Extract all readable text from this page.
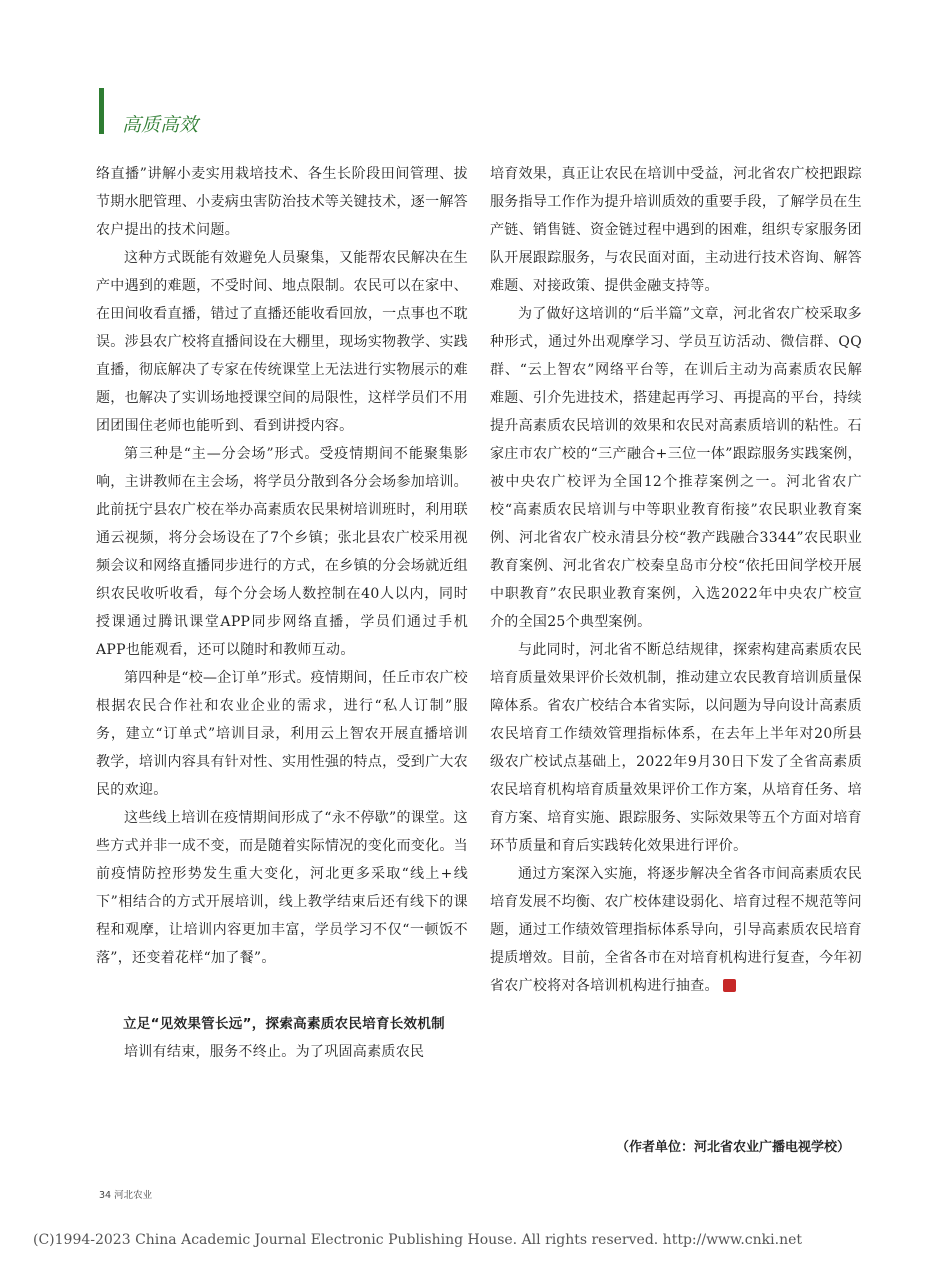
高质高效

络直播”讲解小麦实用栽培技术、各生长阶段田间管理、拔节期水肥管理、小麦病虫害防治技术等关键技术，逐一解答农户提出的技术问题。

这种方式既能有效避免人员聚集，又能帮农民解决在生产中遇到的难题，不受时间、地点限制。农民可以在家中、在田间收看直播，错过了直播还能收看回放，一点事也不耽误。涉县农广校将直播间设在大棚里，现场实物教学、实践直播，彻底解决了专家在传统课堂上无法进行实物展示的难题，也解决了实训场地授课空间的局限性，这样学员们不用团团围住老师也能听到、看到讲授内容。

第三种是“主—分会场”形式。受疫情期间不能聚集影响，主讲教师在主会场，将学员分散到各分会场参加培训。此前抚宁县农广校在举办高素质农民果树培训班时，利用联通云视频，将分会场设在了7个乡镇；张北县农广校采用视频会议和网络直播同步进行的方式，在乡镇的分会场就近组织农民收听收看，每个分会场人数控制在40人以内，同时授课通过腾讯课堂APP同步网络直播，学员们通过手机APP也能观看，还可以随时和教师互动。

第四种是“校—企订单”形式。疫情期间，任丘市农广校根据农民合作社和农业企业的需求，进行“私人订制”服务，建立“订单式”培训目录，利用云上智农开展直播培训教学，培训内容具有针对性、实用性强的特点，受到广大农民的欢迎。

这些线上培训在疫情期间形成了“永不停歇”的课堂。这些方式并非一成不变，而是随着实际情况的变化而变化。当前疫情防控形势发生重大变化，河北更多采取“线上+线下”相结合的方式开展培训，线上教学结束后还有线下的课程和观摩，让培训内容更加丰富，学员学习不仅“一顿饭不落”，还变着花样“加了餐”。

立足“见效果管长远”，探索高素质农民培育长效机制

培训有结束，服务不终止。为了巩固高素质农民

培育效果，真正让农民在培训中受益，河北省农广校把跟踪服务指导工作作为提升培训质效的重要手段，了解学员在生产链、销售链、资金链过程中遇到的困难，组织专家服务团队开展跟踪服务，与农民面对面，主动进行技术咨询、解答难题、对接政策、提供金融支持等。

为了做好这培训的“后半篇”文章，河北省农广校采取多种形式，通过外出观摩学习、学员互访活动、微信群、QQ群、“云上智农”网络平台等，在训后主动为高素质农民解难题、引介先进技术，搭建起再学习、再提高的平台，持续提升高素质农民培训的效果和农民对高素质培训的粘性。石家庄市农广校的“三产融合+三位一体”跟踪服务实践案例，被中央农广校评为全国12个推荐案例之一。河北省农广校“高素质农民培训与中等职业教育衔接”农民职业教育案例、河北省农广校永清县分校“教产践融合3344”农民职业教育案例、河北省农广校秦皇岛市分校“依托田间学校开展中职教育”农民职业教育案例，入选2022年中央农广校宣介的全国25个典型案例。

与此同时，河北省不断总结规律，探索构建高素质农民培育质量效果评价长效机制，推动建立农民教育培训质量保障体系。省农广校结合本省实际，以问题为导向设计高素质农民培育工作绩效管理指标体系，在去年上半年对20所县级农广校试点基础上，2022年9月30日下发了全省高素质农民培育机构培育质量效果评价工作方案，从培育任务、培育方案、培育实施、跟踪服务、实际效果等五个方面对培育环节质量和育后实践转化效果进行评价。

通过方案深入实施，将逐步解决全省各市间高素质农民培育发展不均衡、农广校体建设弱化、培育过程不规范等问题，通过工作绩效管理指标体系导向，引导高素质农民培育提质增效。目前，全省各市在对培育机构进行复查，今年初省农广校将对各培训机构进行抽查。

（作者单位：河北省农业广播电视学校）
34 河北农业
(C)1994-2023 China Academic Journal Electronic Publishing House. All rights reserved. http://www.cnki.net
